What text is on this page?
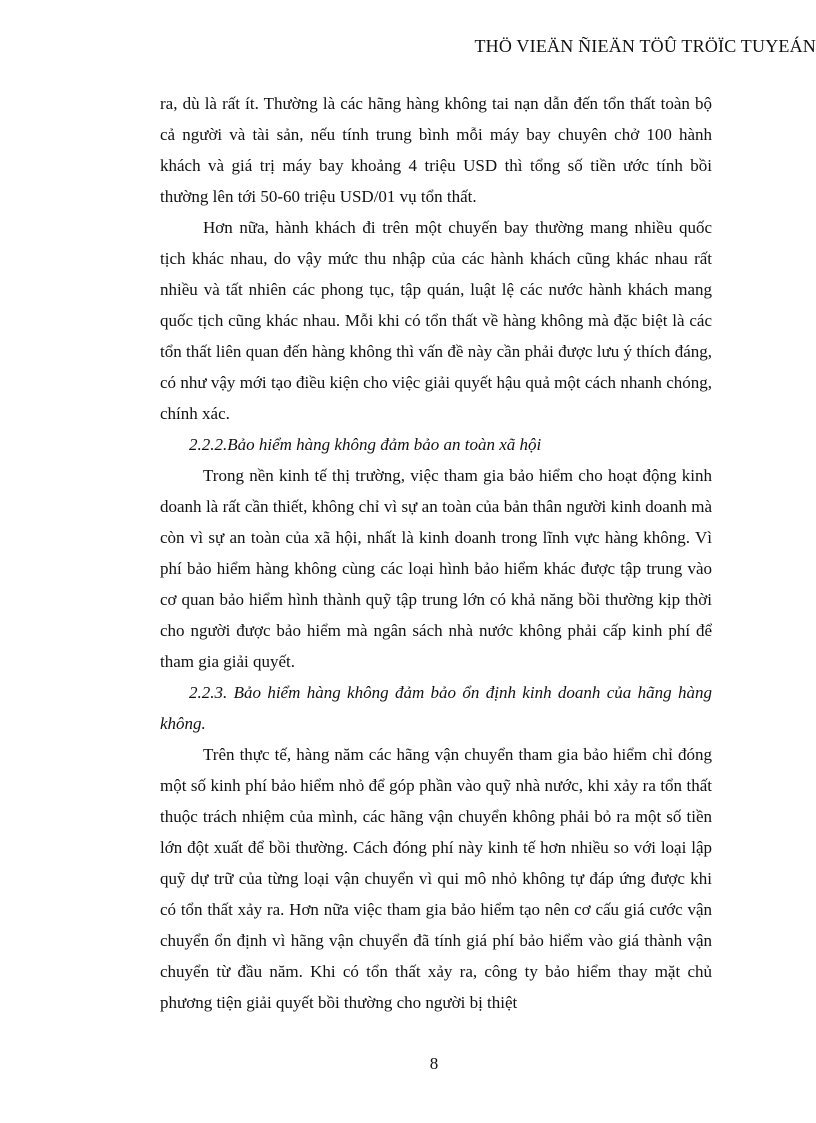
THÖ VIEÄN ÑIEÄN TÖÛ TRÖÏC TUYEÁN

ra, dù là rất ít. Thường là các hãng hàng không tai nạn dẫn đến tổn thất toàn bộ cả người và tài sản, nếu tính trung bình mỗi máy bay chuyên chở 100 hành khách và giá trị máy bay khoảng 4 triệu USD thì tổng số tiền ước tính bồi thường lên tới 50-60 triệu USD/01 vụ tổn thất.

Hơn nữa, hành khách đi trên một chuyến bay thường mang nhiều quốc tịch khác nhau, do vậy mức thu nhập của các hành khách cũng khác nhau rất nhiều và tất nhiên các phong tục, tập quán, luật lệ các nước hành khách mang quốc tịch cũng khác nhau. Mỗi khi có tổn thất về hàng không mà đặc biệt là các tổn thất liên quan đến hàng không thì vấn đề này cần phải được lưu ý thích đáng, có như vậy mới tạo điều kiện cho việc giải quyết hậu quả một cách nhanh chóng, chính xác.

2.2.2.Bảo hiểm hàng không đảm bảo an toàn xã hội

Trong nền kinh tế thị trường, việc tham gia bảo hiểm cho hoạt động kinh doanh là rất cần thiết, không chỉ vì sự an toàn của bản thân người kinh doanh mà còn vì sự an toàn của xã hội, nhất là kinh doanh trong lĩnh vực hàng không. Vì phí bảo hiểm hàng không cùng các loại hình bảo hiểm khác được tập trung vào cơ quan bảo hiểm hình thành quỹ tập trung lớn có khả năng bồi thường kịp thời cho người được bảo hiểm mà ngân sách nhà nước không phải cấp kinh phí để tham gia giải quyết.

2.2.3. Bảo hiểm hàng không đảm bảo ổn định kinh doanh của hãng hàng không.

Trên thực tế, hàng năm các hãng vận chuyển tham gia bảo hiểm chỉ đóng một số kinh phí bảo hiểm nhỏ để góp phần vào quỹ nhà nước, khi xảy ra tổn thất thuộc trách nhiệm của mình, các hãng vận chuyển không phải bỏ ra một số tiền lớn đột xuất để bồi thường. Cách đóng phí này kinh tế hơn nhiều so với loại lập quỹ dự trữ của từng loại vận chuyển vì qui mô nhỏ không tự đáp ứng được khi có tổn thất xảy ra. Hơn nữa việc tham gia bảo hiểm tạo nên cơ cấu giá cước vận chuyển ổn định vì hãng vận chuyển đã tính giá phí bảo hiểm vào giá thành vận chuyển từ đầu năm. Khi có tổn thất xảy ra, công ty bảo hiểm thay mặt chủ phương tiện giải quyết bồi thường cho người bị thiệt

8
